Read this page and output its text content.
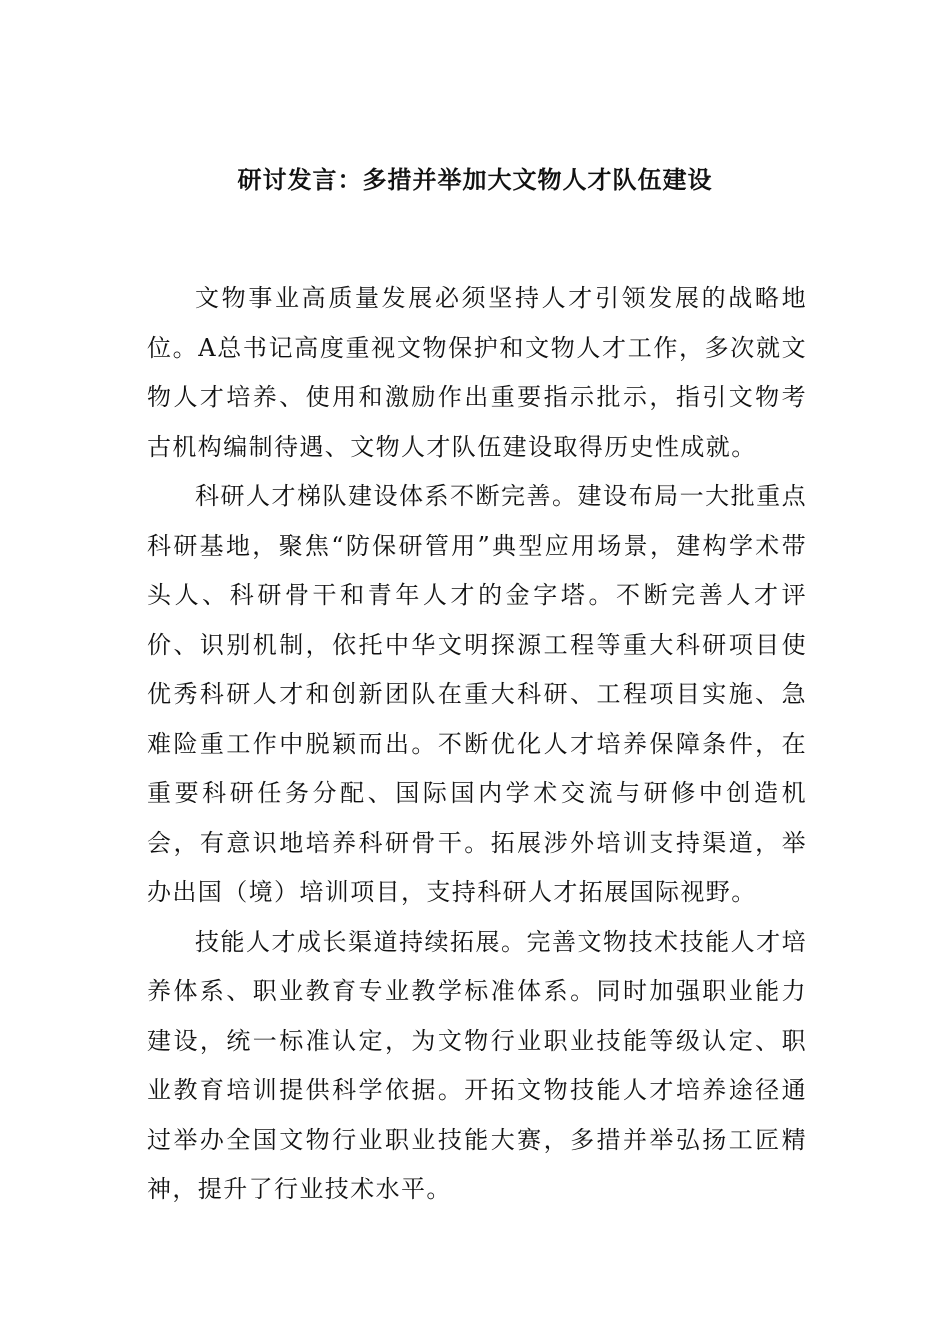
研讨发言：多措并举加大文物人才队伍建设

文物事业高质量发展必须坚持人才引领发展的战略地位。A总书记高度重视文物保护和文物人才工作，多次就文物人才培养、使用和激励作出重要指示批示，指引文物考古机构编制待遇、文物人才队伍建设取得历史性成就。

科研人才梯队建设体系不断完善。建设布局一大批重点科研基地，聚焦“防保研管用”典型应用场景，建构学术带头人、科研骨干和青年人才的金字塔。不断完善人才评价、识别机制，依托中华文明探源工程等重大科研项目使优秀科研人才和创新团队在重大科研、工程项目实施、急难险重工作中脱颖而出。不断优化人才培养保障条件，在重要科研任务分配、国际国内学术交流与研修中创造机会，有意识地培养科研骨干。拓展涉外培训支持渠道，举办出国（境）培训项目，支持科研人才拓展国际视野。

技能人才成长渠道持续拓展。完善文物技术技能人才培养体系、职业教育专业教学标准体系。同时加强职业能力建设，统一标准认定，为文物行业职业技能等级认定、职业教育培训提供科学依据。开拓文物技能人才培养途径通过举办全国文物行业职业技能大赛，多措并举弘扬工匠精神，提升了行业技术水平。
